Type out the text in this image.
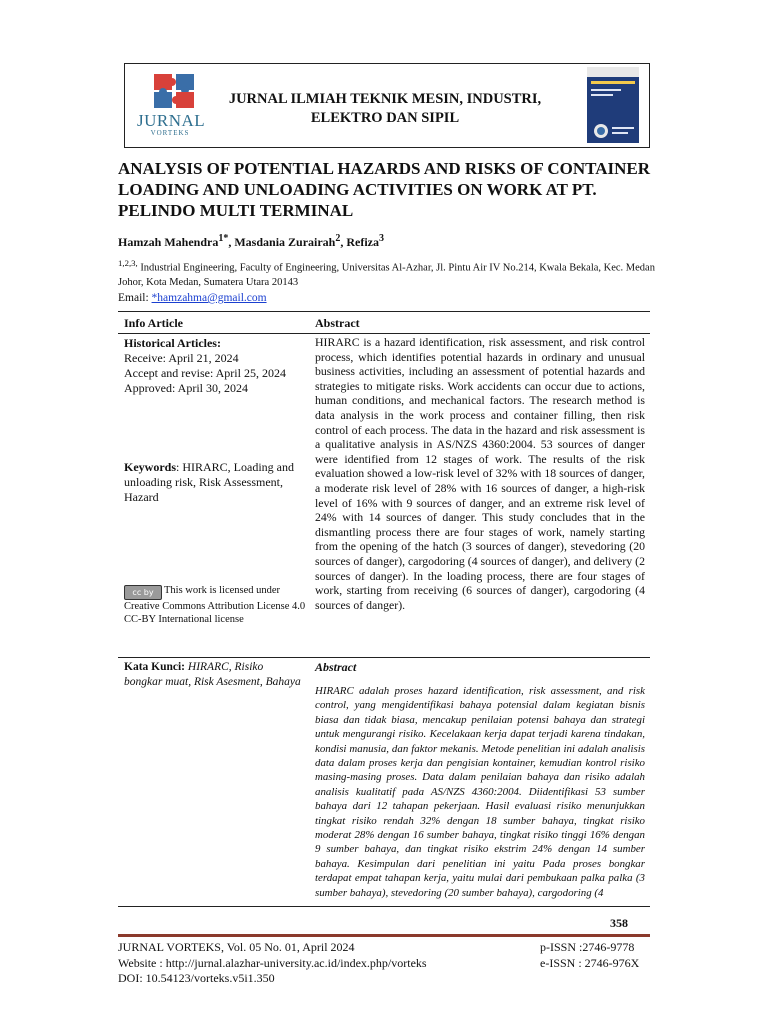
JURNAL
VORTEKS
JURNAL ILMIAH TEKNIK MESIN, INDUSTRI,
ELEKTRO DAN SIPIL
ANALYSIS OF POTENTIAL HAZARDS AND RISKS OF CONTAINER LOADING AND UNLOADING ACTIVITIES ON WORK AT PT. PELINDO MULTI TERMINAL
Hamzah Mahendra$^{1*}$, Masdania Zurairah$^2$, Refiza$^3$
$^{1,2,3,}$ Industrial Engineering, Faculty of Engineering, Universitas Al-Azhar, Jl. Pintu Air IV No.214, Kwala Bekala, Kec. Medan Johor, Kota Medan, Sumatera Utara 20143
Email: *hamzahma@gmail.com
Info Article	Abstract
Historical Articles:
Receive: April 21, 2024
Accept and revise: April 25, 2024
Approved: April 30, 2024
Keywords: HIRARC, Loading and unloading risk, Risk Assessment, Hazard
cc by This work is licensed under Creative Commons Attribution License 4.0 CC-BY International license
HIRARC is a hazard identification, risk assessment, and risk control process, which identifies potential hazards in ordinary and unusual business activities, including an assessment of potential hazards and strategies to mitigate risks. Work accidents can occur due to actions, human conditions, and mechanical factors. The research method is data analysis in the work process and container filling, then risk control of each process. The data in the hazard and risk assessment is a qualitative analysis in AS/NZS 4360:2004. 53 sources of danger were identified from 12 stages of work. The results of the risk evaluation showed a low-risk level of 32% with 18 sources of danger, a moderate risk level of 28% with 16 sources of danger, a high-risk level of 16% with 9 sources of danger, and an extreme risk level of 24% with 14 sources of danger. This study concludes that in the dismantling process there are four stages of work, namely starting from the opening of the hatch (3 sources of danger), stevedoring (20 sources of danger), cargodoring (4 sources of danger), and delivery (2 sources of danger). In the loading process, there are four stages of work, starting from receiving (6 sources of danger), cargodoring (4 sources of danger).
Kata Kunci: HIRARC, Risiko bongkar muat, Risk Asesment, Bahaya
Abstract
HIRARC adalah proses hazard identification, risk assessment, and risk control, yang mengidentifikasi bahaya potensial dalam kegiatan bisnis biasa dan tidak biasa, mencakup penilaian potensi bahaya dan strategi untuk mengurangi risiko. Kecelakaan kerja dapat terjadi karena tindakan, kondisi manusia, dan faktor mekanis. Metode penelitian ini adalah analisis data dalam proses kerja dan pengisian kontainer, kemudian kontrol risiko masing-masing proses. Data dalam penilaian bahaya dan risiko adalah analisis kualitatif pada AS/NZS 4360:2004. Diidentifikasi 53 sumber bahaya dari 12 tahapan pekerjaan. Hasil evaluasi risiko menunjukkan tingkat risiko rendah 32% dengan 18 sumber bahaya, tingkat risiko moderat 28% dengan 16 sumber bahaya, tingkat risiko tinggi 16% dengan 9 sumber bahaya, dan tingkat risiko ekstrim 24% dengan 14 sumber bahaya. Kesimpulan dari penelitian ini yaitu Pada proses bongkar terdapat empat tahapan kerja, yaitu mulai dari pembukaan palka palka (3 sumber bahaya), stevedoring (20 sumber bahaya), cargodoring (4
358
JURNAL VORTEKS, Vol. 05 No. 01, April 2024
Website : http://jurnal.alazhar-university.ac.id/index.php/vorteks
DOI: 10.54123/vorteks.v5i1.350
p-ISSN :2746-9778
e-ISSN : 2746-976X
